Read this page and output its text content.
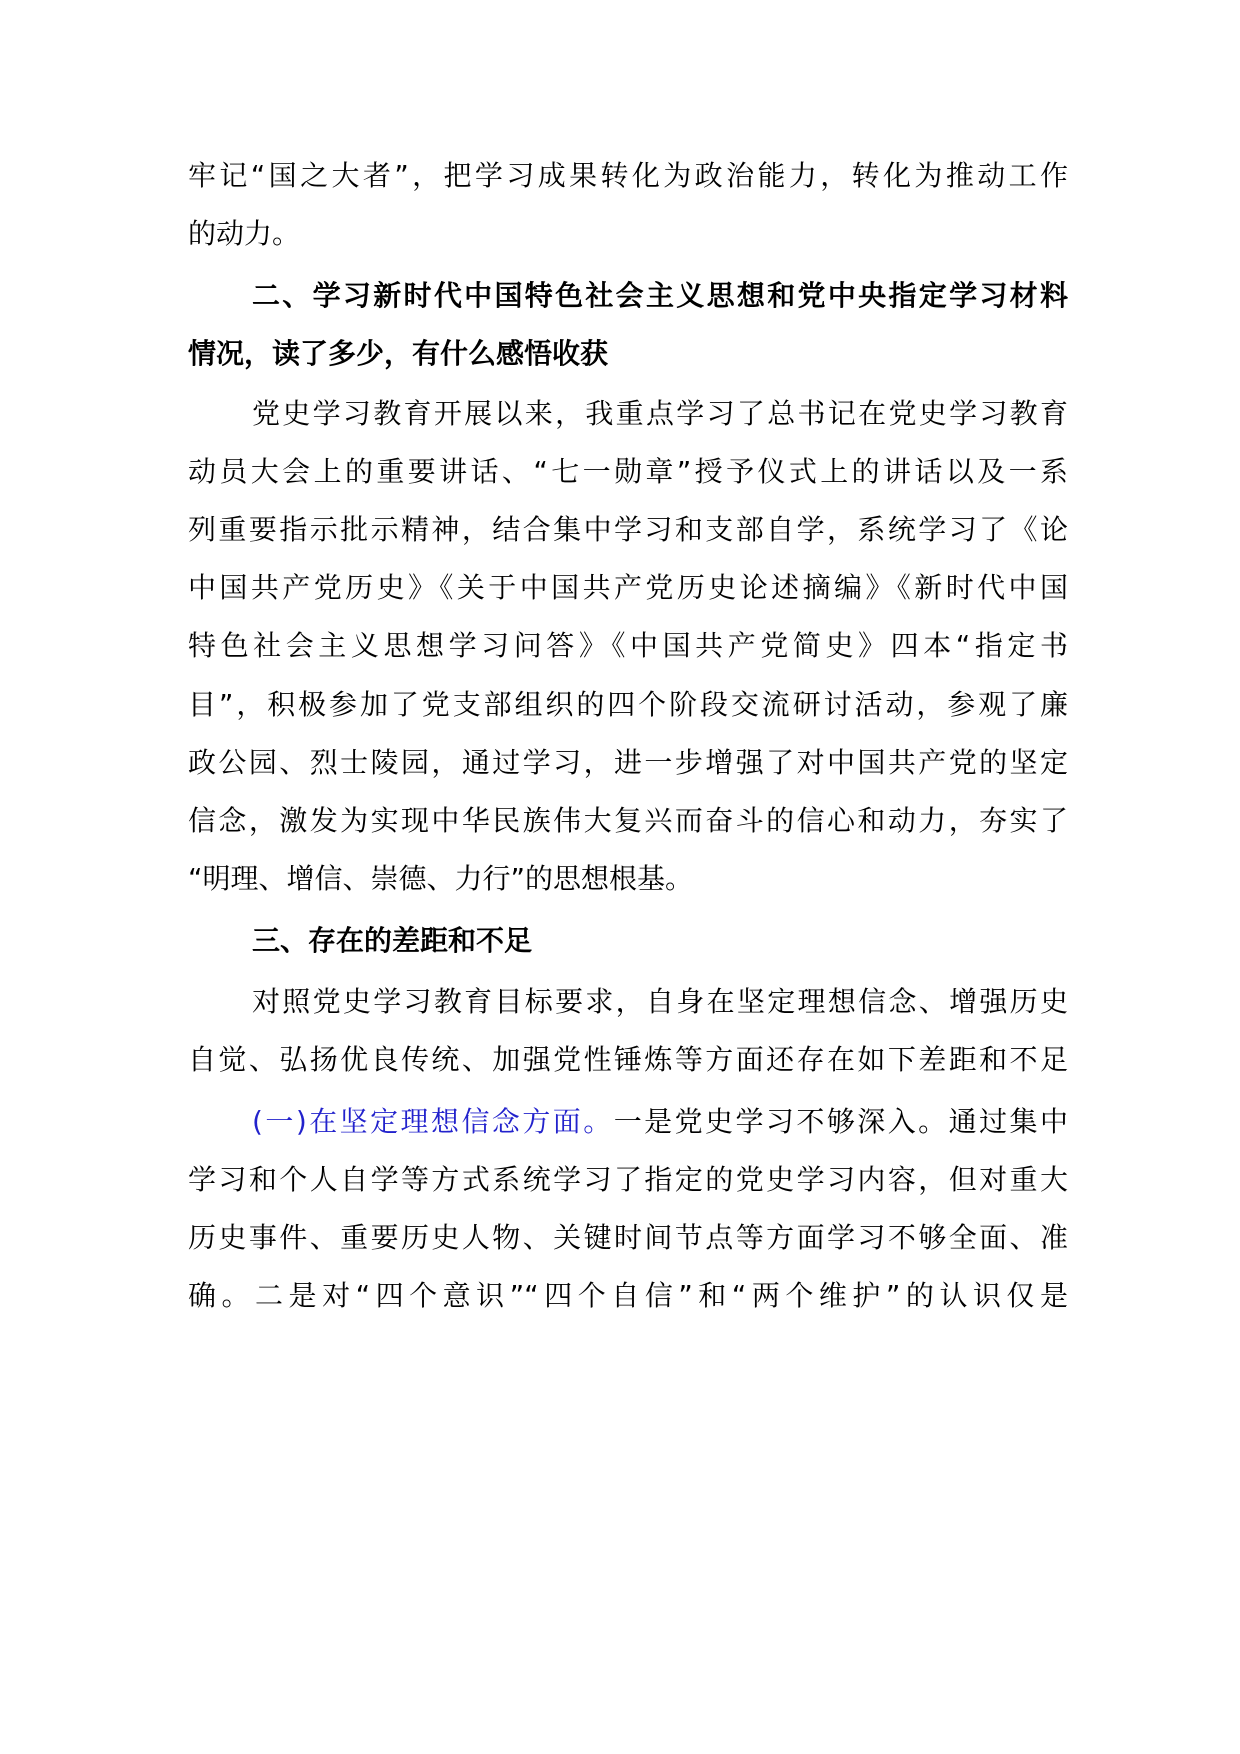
牢记“国之大者”，把学习成果转化为政治能力，转化为推动工作
的动力。
二、学习新时代中国特色社会主义思想和党中央指定学习材料
情况，读了多少，有什么感悟收获
党史学习教育开展以来，我重点学习了总书记在党史学习教育
动员大会上的重要讲话、“七一勋章”授予仪式上的讲话以及一系
列重要指示批示精神，结合集中学习和支部自学，系统学习了《论
中国共产党历史》《关于中国共产党历史论述摘编》《新时代中国
特色社会主义思想学习问答》《中国共产党简史》四本“指定书
目”，积极参加了党支部组织的四个阶段交流研讨活动，参观了廉
政公园、烈士陵园，通过学习，进一步增强了对中国共产党的坚定
信念，激发为实现中华民族伟大复兴而奋斗的信心和动力，夯实了
“明理、增信、崇德、力行”的思想根基。
三、存在的差距和不足
对照党史学习教育目标要求，自身在坚定理想信念、增强历史
自觉、弘扬优良传统、加强党性锤炼等方面还存在如下差距和不足
(一)在坚定理想信念方面。一是党史学习不够深入。通过集中
学习和个人自学等方式系统学习了指定的党史学习内容，但对重大
历史事件、重要历史人物、关键时间节点等方面学习不够全面、准
确。二是对“四个意识”“四个自信”和“两个维护”的认识仅是
